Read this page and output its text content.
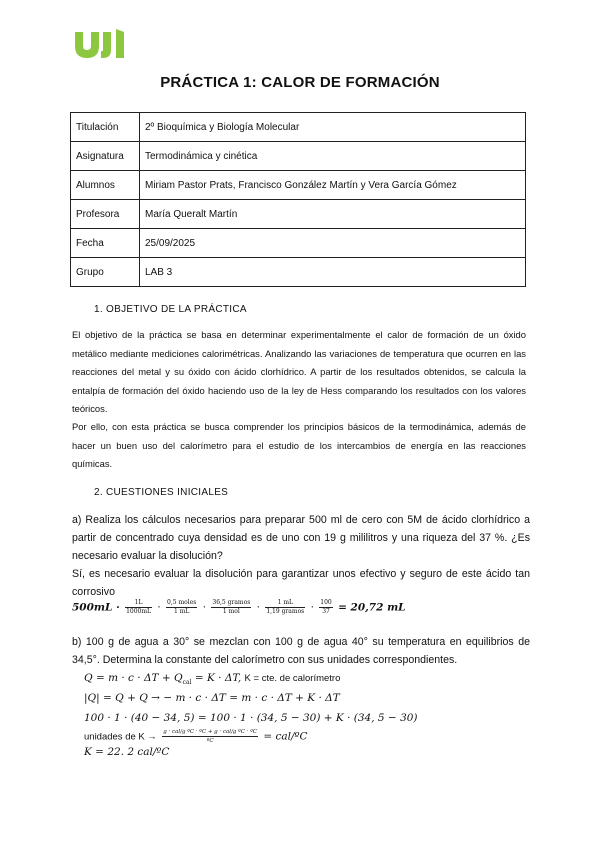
PRÁCTICA 1: CALOR DE FORMACIÓN
Titulación	2º Bioquímica y Biología Molecular
Asignatura	Termodinámica y cinética
Alumnos	Miriam Pastor Prats, Francisco González Martín y Vera García Gómez
Profesora	María Queralt Martín
Fecha	25/09/2025
Grupo	LAB 3
1. OBJETIVO DE LA PRÁCTICA

El objetivo de la práctica se basa en determinar experimentalmente el calor de formación de un óxido metálico mediante mediciones calorimétricas. Analizando las variaciones de temperatura que ocurren en las reacciones del metal y su óxido con ácido clorhídrico. A partir de los resultados obtenidos, se calcula la entalpía de formación del óxido haciendo uso de la ley de Hess comparando los resultados con los valores teóricos.

Por ello, con esta práctica se busca comprender los principios básicos de la termodinámica, además de hacer un buen uso del calorímetro para el estudio de los intercambios de energía en las reacciones químicas.

2. CUESTIONES INICIALES

a) Realiza los cálculos necesarios para preparar 500 ml de cero con 5M de ácido clorhídrico a partir de concentrado cuya densidad es de uno con 19 g mililitros y una riqueza del 37 %. ¿Es necesario evaluar la disolución?

Sí, es necesario evaluar la disolución para garantizar unos efectivo y seguro de este ácido tan corrosivo

$500mL \cdot \frac{1L}{1000mL} \cdot \frac{\text{0,5 moles}}{1 mL} \cdot \frac{\text{36,5 gramos}}{\text{1 mol}} \cdot \frac{1 mL}{\text{1,19 gramos}} \cdot \frac{100}{37} = 20,72$ mL

b) 100 g de agua a 30° se mezclan con 100 g de agua 40° su temperatura en equilibrios de 34,5°. Determina la constante del calorímetro con sus unidades correspondientes.

$Q = m \cdot c \cdot \Delta T + Q_{cal} = K \cdot \Delta T$, K = cte. de calorímetro
|Q| = Q + Q → − m · c · ΔT = m · c · ΔT + K · ΔT
100 · 1 · (40 − 34, 5) = 100 · 1 · (34, 5 − 30) + K · (34, 5 − 30)
unidades de $K \to \frac{\text{g · cal/g ºC · ºC + g · cal/g ºC · ºC}}{\text{ºC}}$ = cal/ºC
K = 22. 2 cal/ºC
